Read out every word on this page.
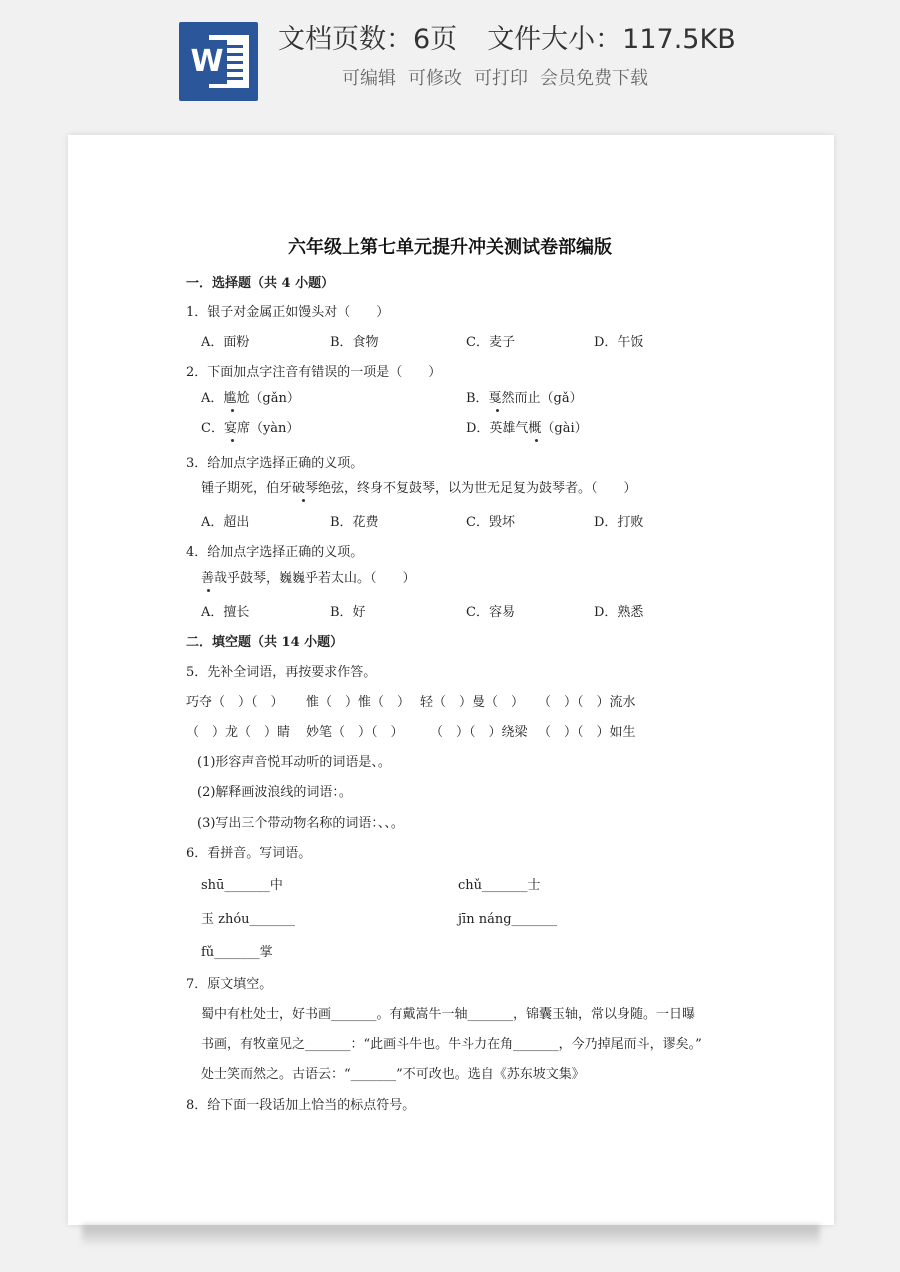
W
文档页数：6页 文件大小：117.5KB
可编辑 可修改 可打印 会员免费下载
六年级上第七单元提升冲关测试卷部编版
一．选择题（共 4 小题）
1．银子对金属正如馒头对（　　）
A．面粉	B．食物	C．麦子	D．午饭
2．下面加点字注音有错误的一项是（　　）
A．尴尬（gǎn）	B．戛然而止（gǎ）
C．宴席（yàn）	D．英雄气概（gài）
3．给加点字选择正确的义项。
锺子期死，伯牙破琴绝弦，终身不复鼓琴，以为世无足复为鼓琴者。（　　）
A．超出	B．花费	C．毁坏	D．打败
4．给加点字选择正确的义项。
善哉乎鼓琴，巍巍乎若太山。（　　）
A．擅长	B．好	C．容易	D．熟悉
二．填空题（共 14 小题）
5．先补全词语，再按要求作答。
巧夺（　）（　） 惟（　）惟（　） 轻（　）曼（　） （　）（　）流水
（　）龙（　）睛 妙笔（　）（　） （　）（　）绕梁 （　）（　）如生
(1)形容声音悦耳动听的词语是、。
(2)解释画波浪线的词语：。
(3)写出三个带动物名称的词语：、、。
6．看拼音。写词语。
shū_______中	chǔ_______士
玉 zhóu_______	jīn náng_______
fǔ_______掌
7．原文填空。
蜀中有杜处士，好书画_______。有戴嵩牛一轴_______，锦囊玉轴，常以身随。一日曝
书画，有牧童见之_______：“此画斗牛也。牛斗力在角_______，今乃掉尾而斗，谬矣。”
处士笑而然之。古语云：“_______”不可改也。选自《苏东坡文集》
8．给下面一段话加上恰当的标点符号。
